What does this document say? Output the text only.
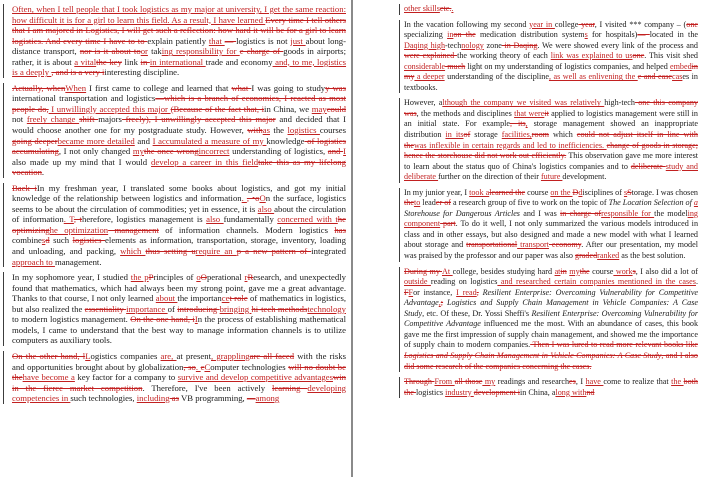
Often, when I tell people that I took logistics as my major at university, I get the same reaction: how difficult it is for a girl to learn this field. As a result, I have learned Every time I tell others that I am majored in Logistics, I will get such a reflection: how hard it will be for a girl to learn logistics. And every time I have to to explain patiently that — logistics is not just about long-distance transport, nor is it about toor taking responsibility for e charge of goods in airports; rather, it is about a vitalthe key link in in international trade and economy and, to me, logistics is a deeply , and is a very iinteresting discipline.
Actually, whenWhen I first came to college and learned that what I was going to studyy was international transportation and logistics—which is a branch of economics, I reacted as most people do, I unwillingly accepted this major (Because of the fact that, iin China, we maycould not freely change shift majors freely), I unwillingly accepted this major and decided that I would choose another one for my postgraduate study. However, withas the logistics courses going deeperbecame more detailed and I accumulated a measure of my knowledge of logistics accumulating, I not only changed mythe once wrongincorrect understanding of logistics, and I also made up my mind that I would develop a career in this fieldtake this as my lifelong vocation.
Back iIn my freshman year, I translated some books about logistics, and got my initial knowledge of the relationship between logistics and information. , •oOn the surface, logistics seems to be about the circulation of commodities; yet in essence, it is also about the circulation of information. T, therefore, logistics management is also fundamentally concerned with the optimizinghe optimization management of information channels. Modern logistics has combinesd such logistics elements as information, transportation, storage, inventory, loading and unloading, and packing, which thus setting urequire an p a new pattern of integrated approach to management.
In my sophomore year, I studied the pPrinciples of oOperational rResearch, and unexpectedly found that mathematics, which had always been my strong point, gave me a great advantage. Thanks to that course, I not only learned about the importancet role of mathematics in logistics, but also realized the essentiality importance of introducing bringing hi-tech methodstechnology to modern logistics management. On the one hand, iIn the process of establishing mathematical models, I came to understand that the best way to manage information channels is to utilize computers as auxiliary tools.
On the other hand, lLogistics companies are, at present, grapplingare all faced with the risks and opportunities brought about by globalization, so. cComputer technologies will no doubt be thehave become a key factor for a company to survive and develop competitive advantageswin in the fierce market competition. Therefore, I've been actively learning developing competencies in such technologies, including as VB programming, —among
other skillsetc..
In the vacation following my second year in college year, I visited *** company – (one specializing inon the medication distribution systems for hospitals)— located in the Daqing high-technology zone in Daqing. We were showed every link of the process and were explained the working theory of each link was explained to usone. This visit shed considerable much light on my understanding of logistics companies, and helped embedin my a deeper understanding of the discipline, as well as enlivening the e and easecases in textbooks.
However, although the company we visited was relatively high-tech one this company was, the methods and disciplines that wereit applied to logistics management were still in an initial state. For example, its, storage management showed an inappropriate distribution in itsof storage facilities,room which could not adjust itself in line with thewas inflexible in certain regards and led to inefficiencies. change of goods in storage; hence the storehouse did not work out efficiently. This observation gave me more interest to learn about the status quo of China's logistics companies and to deliberate study and deliberate further on the direction of their future development.
In my junior year, I took alearned the course on the Ddisciplines of sStorage. I was chosen theto leader of a research group of five to work on the topic of The Location Selection of a Storehouse for Dangerous Articles and I was in charge ofresponsible for the modeling component part. To do it well, I not only summarized the various models introduced in class and in other essays, but also designed and made a new model with what I learned about storage and transportational transport economy. After our presentation, my model was praised by the professor and our paper was also gradedranked as the best solution.
During my At college, besides studying hard atin mythe course works, I also did a lot of outside reading on logistics and researched certain companies mentioned in the cases. FFor instance, I read, Resilient Enterprise: Overcoming Vulnerability for Competitive Advantage,; Logistics and Supply Chain Management in Vehicle Companies: A Case Study, etc. Of these, Dr. Yossi Sheffi's Resilient Enterprise: Overcoming Vulnerability for Competitive Advantage influenced me the most. With an abundance of cases, this book gave me the first impression of supply chain management, and showed me the importance of supply chain to modern companies. Then I was lured to read more relevant books like Logistics and Supply Chain Management in Vehicle Companies: A Case Study, and I also did some research of the companies concerning the cases.
Through From all those my readings and researches, I have come to realize that the both the logistics industry development iin China, along withnd
